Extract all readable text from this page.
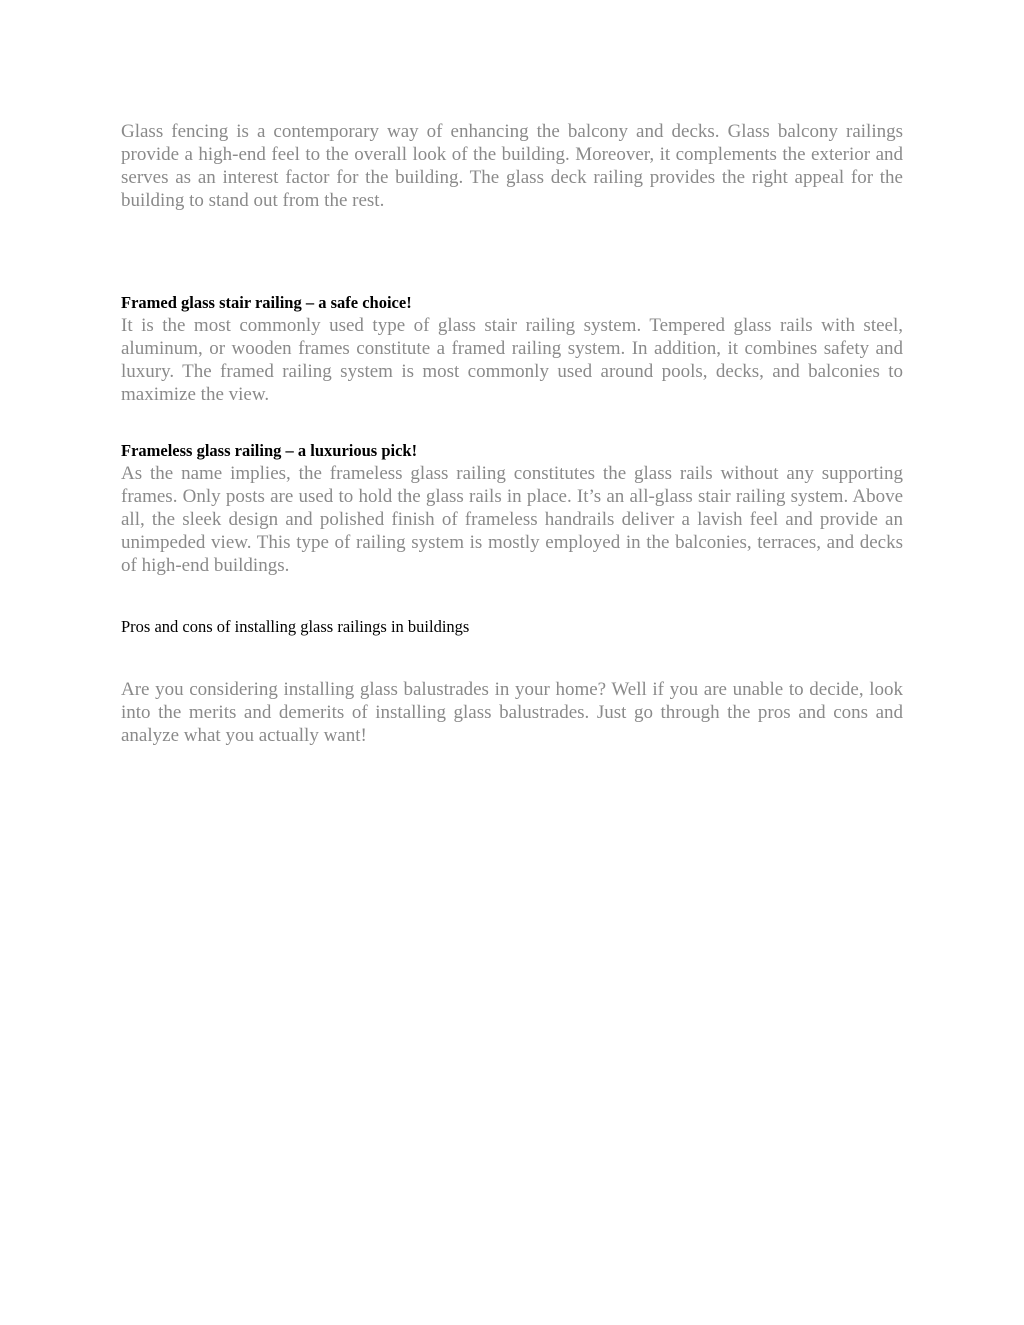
Glass fencing is a contemporary way of enhancing the balcony and decks. Glass balcony railings provide a high-end feel to the overall look of the building. Moreover, it complements the exterior and serves as an interest factor for the building. The glass deck railing provides the right appeal for the building to stand out from the rest.

Framed glass stair railing – a safe choice!

It is the most commonly used type of glass stair railing system. Tempered glass rails with steel, aluminum, or wooden frames constitute a framed railing system. In addition, it combines safety and luxury. The framed railing system is most commonly used around pools, decks, and balconies to maximize the view.

Frameless glass railing – a luxurious pick!

As the name implies, the frameless glass railing constitutes the glass rails without any supporting frames. Only posts are used to hold the glass rails in place. It’s an all-glass stair railing system. Above all, the sleek design and polished finish of frameless handrails deliver a lavish feel and provide an unimpeded view. This type of railing system is mostly employed in the balconies, terraces, and decks of high-end buildings.

Pros and cons of installing glass railings in buildings

Are you considering installing glass balustrades in your home? Well if you are unable to decide, look into the merits and demerits of installing glass balustrades. Just go through the pros and cons and analyze what you actually want!
